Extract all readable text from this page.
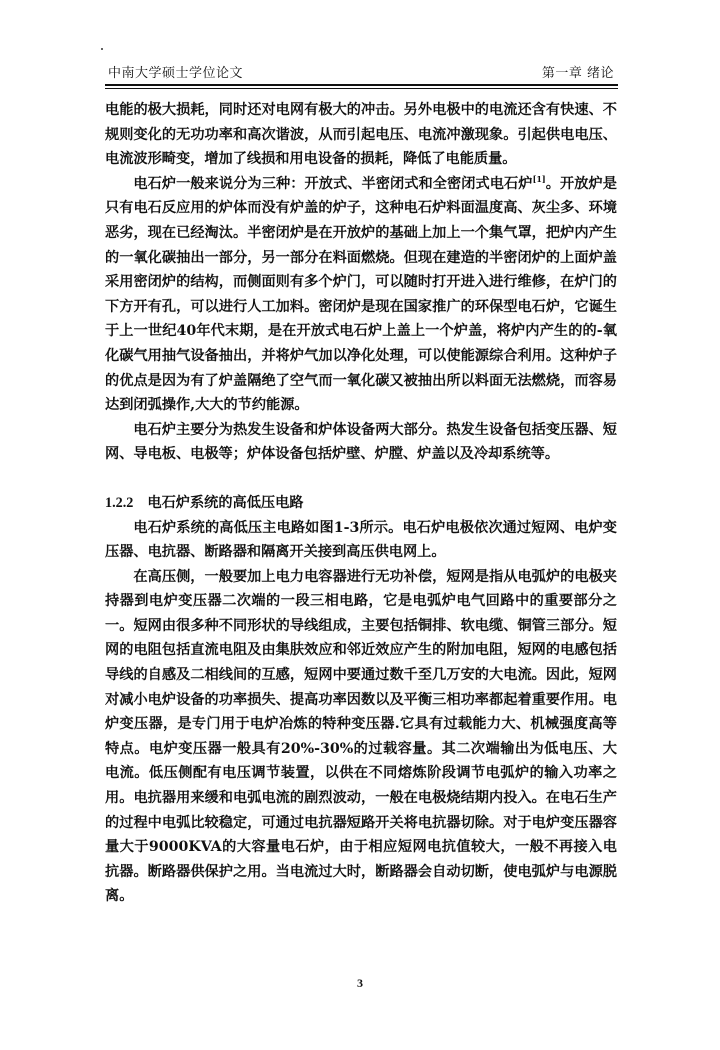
中南大学硕士学位论文	第一章 绪论

电能的极大损耗，同时还对电网有极大的冲击。另外电极中的电流还含有快速、不规则变化的无功功率和高次谐波，从而引起电压、电流冲激现象。引起供电电压、电流波形畸变，增加了线损和用电设备的损耗，降低了电能质量。

电石炉一般来说分为三种：开放式、半密闭式和全密闭式电石炉[1]。开放炉是只有电石反应用的炉体而没有炉盖的炉子，这种电石炉料面温度高、灰尘多、环境恶劣，现在已经淘汰。半密闭炉是在开放炉的基础上加上一个集气罩，把炉内产生的一氧化碳抽出一部分，另一部分在料面燃烧。但现在建造的半密闭炉的上面炉盖采用密闭炉的结构，而侧面则有多个炉门，可以随时打开进入进行维修，在炉门的下方开有孔，可以进行人工加料。密闭炉是现在国家推广的环保型电石炉，它诞生于上一世纪40年代末期，是在开放式电石炉上盖上一个炉盖，将炉内产生的的-氧化碳气用抽气设备抽出，并将炉气加以净化处理，可以使能源综合利用。这种炉子的优点是因为有了炉盖隔绝了空气而一氧化碳又被抽出所以料面无法燃烧，而容易达到闭弧操作,大大的节约能源。

电石炉主要分为热发生设备和炉体设备两大部分。热发生设备包括变压器、短网、导电板、电极等；炉体设备包括炉壁、炉膛、炉盖以及冷却系统等。

1.2.2 电石炉系统的高低压电路

电石炉系统的高低压主电路如图1-3所示。电石炉电极依次通过短网、电炉变压器、电抗器、断路器和隔离开关接到高压供电网上。

在高压侧，一般要加上电力电容器进行无功补偿，短网是指从电弧炉的电极夹持器到电炉变压器二次端的一段三相电路，它是电弧炉电气回路中的重要部分之一。短网由很多种不同形状的导线组成，主要包括铜排、软电缆、铜管三部分。短网的电阻包括直流电阻及由集肤效应和邻近效应产生的附加电阻，短网的电感包括导线的自感及二相线间的互感，短网中要通过数千至几万安的大电流。因此，短网对减小电炉设备的功率损失、提高功率因数以及平衡三相功率都起着重要作用。电炉变压器，是专门用于电炉冶炼的特种变压器.它具有过载能力大、机械强度高等特点。电炉变压器一般具有20%-30%的过载容量。其二次端输出为低电压、大电流。低压侧配有电压调节装置，以供在不同熔炼阶段调节电弧炉的输入功率之用。电抗器用来缓和电弧电流的剧烈波动，一般在电极烧结期内投入。在电石生产的过程中电弧比较稳定，可通过电抗器短路开关将电抗器切除。对于电炉变压器容量大于9000KVA的大容量电石炉，由于相应短网电抗值较大，一般不再接入电抗器。断路器供保护之用。当电流过大时，断路器会自动切断，使电弧炉与电源脱离。

3
